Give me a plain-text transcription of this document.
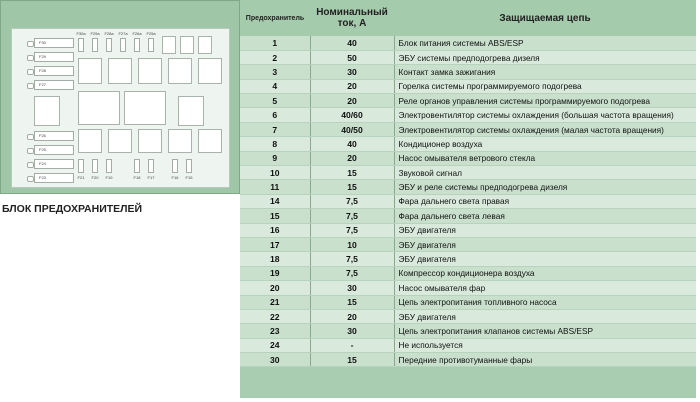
F30
F29
F28
F27
F26
F25
F24
F23
F30a	F29a	F28a	F27a	F26a	F25a
F21	F20	F19	F18	F17	F16	F15
БЛОК ПРЕДОХРАНИТЕЛЕЙ
Предохранитель	Номинальный ток, А	Защищаемая цепь
1	40	Блок питания системы ABS/ESP
2	50	ЭБУ системы предподогрева дизеля
3	30	Контакт замка зажигания
4	20	Горелка системы программируемого подогрева
5	20	Реле органов управления системы программируемого подогрева
6	40/60	Электровентилятор системы охлаждения (большая частота вращения)
7	40/50	Электровентилятор системы охлаждения (малая частота вращения)
8	40	Кондиционер воздуха
9	20	Насос омывателя ветрового стекла
10	15	Звуковой сигнал
11	15	ЭБУ и реле системы предподогрева дизеля
14	7,5	Фара дальнего света правая
15	7,5	Фара дальнего света левая
16	7,5	ЭБУ двигателя
17	10	ЭБУ двигателя
18	7,5	ЭБУ двигателя
19	7,5	Компрессор кондиционера воздуха
20	30	Насос омывателя фар
21	15	Цепь электропитания топливного насоса
22	20	ЭБУ двигателя
23	30	Цепь электропитания клапанов системы ABS/ESP
24	-	Не используется
30	15	Передние противотуманные фары
